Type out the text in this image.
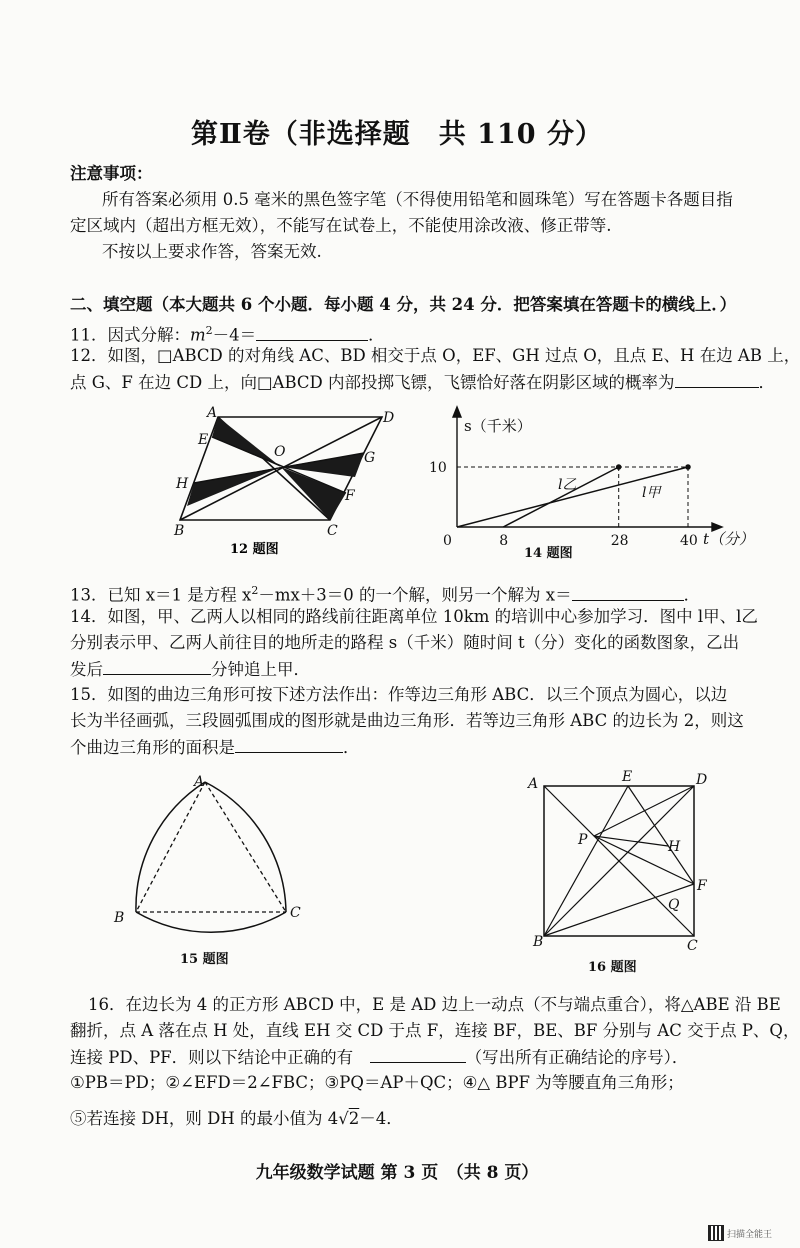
第Ⅱ卷（非选择题　共 110 分）
注意事项：
所有答案必须用 0.5 毫米的黑色签字笔（不得使用铅笔和圆珠笔）写在答题卡各题目指
定区域内（超出方框无效），不能写在试卷上，不能使用涂改液、修正带等.
不按以上要求作答，答案无效.
二、填空题（本大题共 6 个小题．每小题 4 分，共 24 分．把答案填在答题卡的横线上．）
11．因式分解：$m^2-4=$	．
12．如图，□ABCD 的对角线 AC、BD 相交于点 O，EF、GH 过点 O，且点 E、H 在边 AB 上，
点 G、F 在边 CD 上，向□ABCD 内部投掷飞镖，飞镖恰好落在阴影区域的概率为	．
A	D
E
O	G
H
F
B	C
12 题图
10
0	8	28	40
s（千米）
t（分）
l乙	l甲
14 题图
13．已知 x＝1 是方程 $x^2-mx+3=0$ 的一个解，则另一个解为 x＝	．
14．如图，甲、乙两人以相同的路线前往距离单位 10km 的培训中心参加学习．图中 l甲、l乙
分别表示甲、乙两人前往目的地所走的路程 s（千米）随时间 t（分）变化的函数图象，乙出
发后	分钟追上甲．
15．如图的曲边三角形可按下述方法作出：作等边三角形 ABC．以三个顶点为圆心，以边
长为半径画弧，三段圆弧围成的图形就是曲边三角形．若等边三角形 ABC 的边长为 2，则这
个曲边三角形的面积是	．
A
B	C
15 题图
A	E	D
P	H
F
Q
B	C
16 题图
16．在边长为 4 的正方形 ABCD 中，E 是 AD 边上一动点（不与端点重合），将△ABE 沿 BE
翻折，点 A 落在点 H 处，直线 EH 交 CD 于点 F，连接 BF，BE、BF 分别与 AC 交于点 P、Q，
连接 PD、PF．则以下结论中正确的有　	（写出所有正确结论的序号）．
①PB＝PD；②∠EFD＝2∠FBC；③PQ＝AP＋QC；④△ BPF 为等腰直角三角形；
⑤若连接 DH，则 DH 的最小值为 4√2－4．
九年级数学试题 第 3 页　（共 8 页）
扫描全能王
